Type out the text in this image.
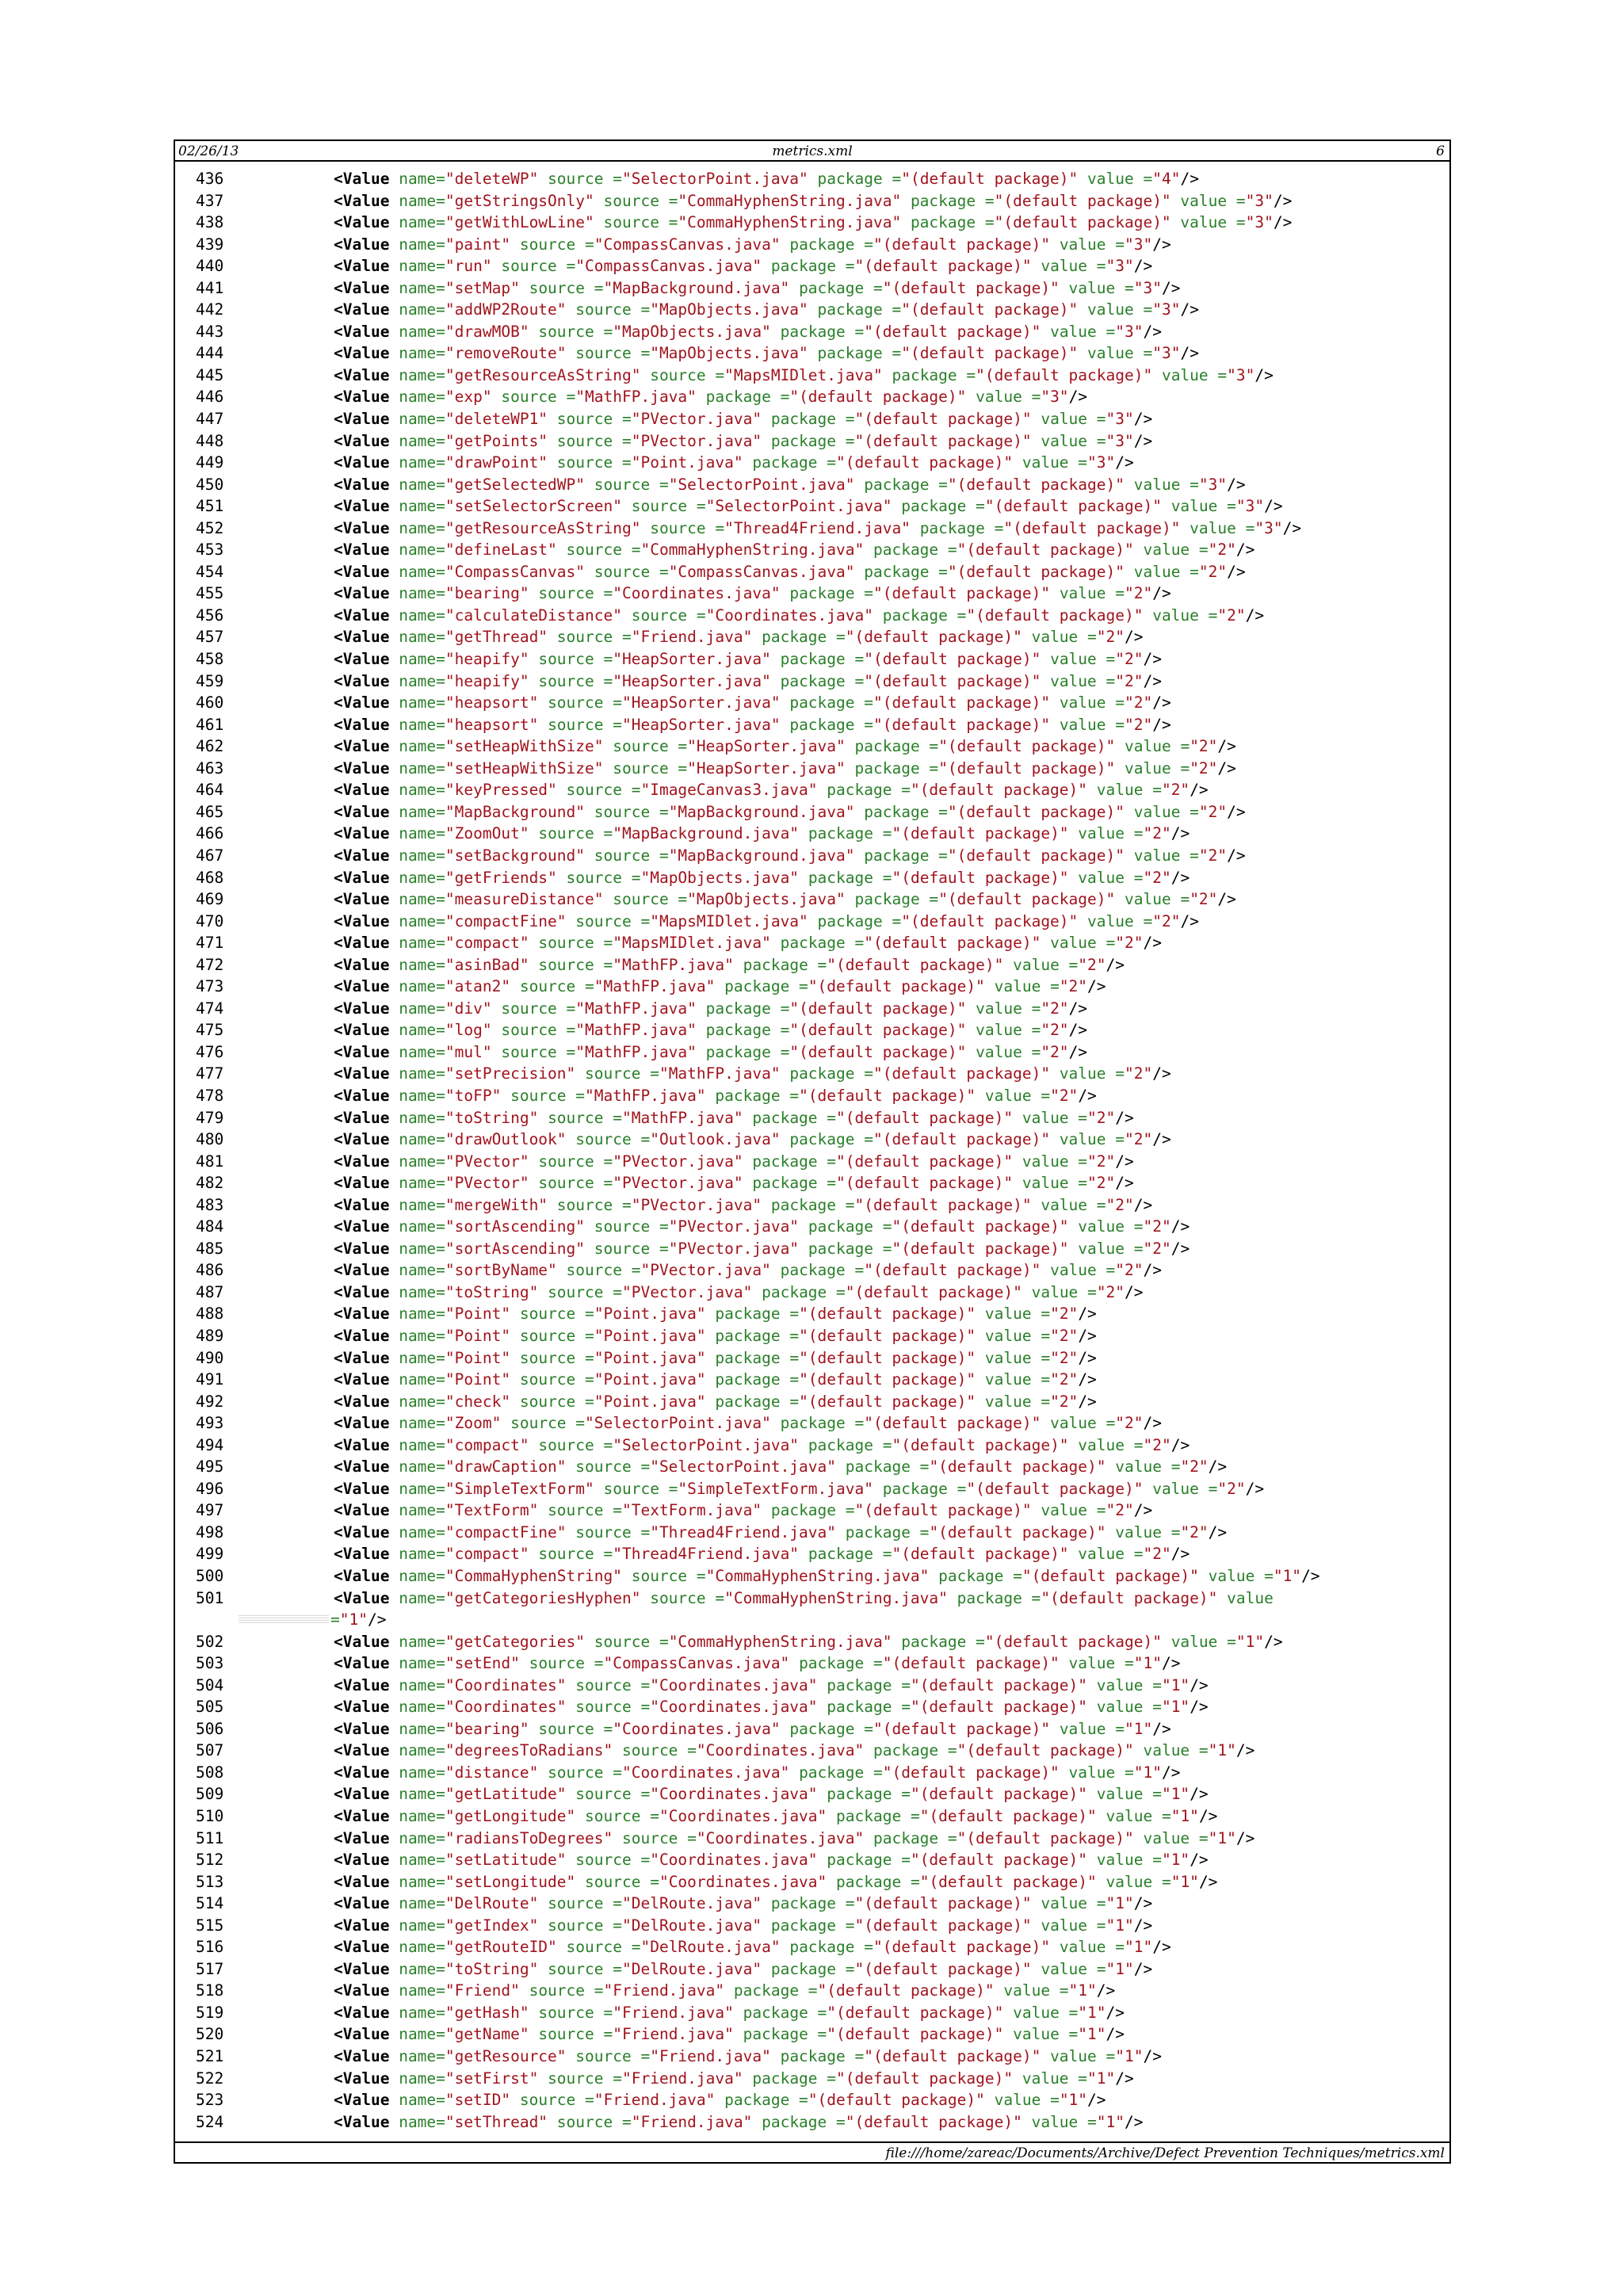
02/26/13	metrics.xml	6
436	<Value name="deleteWP" source ="SelectorPoint.java" package ="(default package)" value ="4"/>
437	<Value name="getStringsOnly" source ="CommaHyphenString.java" package ="(default package)" value ="3"/>
438	<Value name="getWithLowLine" source ="CommaHyphenString.java" package ="(default package)" value ="3"/>
439	<Value name="paint" source ="CompassCanvas.java" package ="(default package)" value ="3"/>
440	<Value name="run" source ="CompassCanvas.java" package ="(default package)" value ="3"/>
441	<Value name="setMap" source ="MapBackground.java" package ="(default package)" value ="3"/>
442	<Value name="addWP2Route" source ="MapObjects.java" package ="(default package)" value ="3"/>
443	<Value name="drawMOB" source ="MapObjects.java" package ="(default package)" value ="3"/>
444	<Value name="removeRoute" source ="MapObjects.java" package ="(default package)" value ="3"/>
445	<Value name="getResourceAsString" source ="MapsMIDlet.java" package ="(default package)" value ="3"/>
446	<Value name="exp" source ="MathFP.java" package ="(default package)" value ="3"/>
447	<Value name="deleteWP1" source ="PVector.java" package ="(default package)" value ="3"/>
448	<Value name="getPoints" source ="PVector.java" package ="(default package)" value ="3"/>
449	<Value name="drawPoint" source ="Point.java" package ="(default package)" value ="3"/>
450	<Value name="getSelectedWP" source ="SelectorPoint.java" package ="(default package)" value ="3"/>
451	<Value name="setSelectorScreen" source ="SelectorPoint.java" package ="(default package)" value ="3"/>
452	<Value name="getResourceAsString" source ="Thread4Friend.java" package ="(default package)" value ="3"/>
453	<Value name="defineLast" source ="CommaHyphenString.java" package ="(default package)" value ="2"/>
454	<Value name="CompassCanvas" source ="CompassCanvas.java" package ="(default package)" value ="2"/>
455	<Value name="bearing" source ="Coordinates.java" package ="(default package)" value ="2"/>
456	<Value name="calculateDistance" source ="Coordinates.java" package ="(default package)" value ="2"/>
457	<Value name="getThread" source ="Friend.java" package ="(default package)" value ="2"/>
458	<Value name="heapify" source ="HeapSorter.java" package ="(default package)" value ="2"/>
459	<Value name="heapify" source ="HeapSorter.java" package ="(default package)" value ="2"/>
460	<Value name="heapsort" source ="HeapSorter.java" package ="(default package)" value ="2"/>
461	<Value name="heapsort" source ="HeapSorter.java" package ="(default package)" value ="2"/>
462	<Value name="setHeapWithSize" source ="HeapSorter.java" package ="(default package)" value ="2"/>
463	<Value name="setHeapWithSize" source ="HeapSorter.java" package ="(default package)" value ="2"/>
464	<Value name="keyPressed" source ="ImageCanvas3.java" package ="(default package)" value ="2"/>
465	<Value name="MapBackground" source ="MapBackground.java" package ="(default package)" value ="2"/>
466	<Value name="ZoomOut" source ="MapBackground.java" package ="(default package)" value ="2"/>
467	<Value name="setBackground" source ="MapBackground.java" package ="(default package)" value ="2"/>
468	<Value name="getFriends" source ="MapObjects.java" package ="(default package)" value ="2"/>
469	<Value name="measureDistance" source ="MapObjects.java" package ="(default package)" value ="2"/>
470	<Value name="compactFine" source ="MapsMIDlet.java" package ="(default package)" value ="2"/>
471	<Value name="compact" source ="MapsMIDlet.java" package ="(default package)" value ="2"/>
472	<Value name="asinBad" source ="MathFP.java" package ="(default package)" value ="2"/>
473	<Value name="atan2" source ="MathFP.java" package ="(default package)" value ="2"/>
474	<Value name="div" source ="MathFP.java" package ="(default package)" value ="2"/>
475	<Value name="log" source ="MathFP.java" package ="(default package)" value ="2"/>
476	<Value name="mul" source ="MathFP.java" package ="(default package)" value ="2"/>
477	<Value name="setPrecision" source ="MathFP.java" package ="(default package)" value ="2"/>
478	<Value name="toFP" source ="MathFP.java" package ="(default package)" value ="2"/>
479	<Value name="toString" source ="MathFP.java" package ="(default package)" value ="2"/>
480	<Value name="drawOutlook" source ="Outlook.java" package ="(default package)" value ="2"/>
481	<Value name="PVector" source ="PVector.java" package ="(default package)" value ="2"/>
482	<Value name="PVector" source ="PVector.java" package ="(default package)" value ="2"/>
483	<Value name="mergeWith" source ="PVector.java" package ="(default package)" value ="2"/>
484	<Value name="sortAscending" source ="PVector.java" package ="(default package)" value ="2"/>
485	<Value name="sortAscending" source ="PVector.java" package ="(default package)" value ="2"/>
486	<Value name="sortByName" source ="PVector.java" package ="(default package)" value ="2"/>
487	<Value name="toString" source ="PVector.java" package ="(default package)" value ="2"/>
488	<Value name="Point" source ="Point.java" package ="(default package)" value ="2"/>
489	<Value name="Point" source ="Point.java" package ="(default package)" value ="2"/>
490	<Value name="Point" source ="Point.java" package ="(default package)" value ="2"/>
491	<Value name="Point" source ="Point.java" package ="(default package)" value ="2"/>
492	<Value name="check" source ="Point.java" package ="(default package)" value ="2"/>
493	<Value name="Zoom" source ="SelectorPoint.java" package ="(default package)" value ="2"/>
494	<Value name="compact" source ="SelectorPoint.java" package ="(default package)" value ="2"/>
495	<Value name="drawCaption" source ="SelectorPoint.java" package ="(default package)" value ="2"/>
496	<Value name="SimpleTextForm" source ="SimpleTextForm.java" package ="(default package)" value ="2"/>
497	<Value name="TextForm" source ="TextForm.java" package ="(default package)" value ="2"/>
498	<Value name="compactFine" source ="Thread4Friend.java" package ="(default package)" value ="2"/>
499	<Value name="compact" source ="Thread4Friend.java" package ="(default package)" value ="2"/>
500	<Value name="CommaHyphenString" source ="CommaHyphenString.java" package ="(default package)" value ="1"/>
501	<Value name="getCategoriesHyphen" source ="CommaHyphenString.java" package ="(default package)" value
="1"/>
502	<Value name="getCategories" source ="CommaHyphenString.java" package ="(default package)" value ="1"/>
503	<Value name="setEnd" source ="CompassCanvas.java" package ="(default package)" value ="1"/>
504	<Value name="Coordinates" source ="Coordinates.java" package ="(default package)" value ="1"/>
505	<Value name="Coordinates" source ="Coordinates.java" package ="(default package)" value ="1"/>
506	<Value name="bearing" source ="Coordinates.java" package ="(default package)" value ="1"/>
507	<Value name="degreesToRadians" source ="Coordinates.java" package ="(default package)" value ="1"/>
508	<Value name="distance" source ="Coordinates.java" package ="(default package)" value ="1"/>
509	<Value name="getLatitude" source ="Coordinates.java" package ="(default package)" value ="1"/>
510	<Value name="getLongitude" source ="Coordinates.java" package ="(default package)" value ="1"/>
511	<Value name="radiansToDegrees" source ="Coordinates.java" package ="(default package)" value ="1"/>
512	<Value name="setLatitude" source ="Coordinates.java" package ="(default package)" value ="1"/>
513	<Value name="setLongitude" source ="Coordinates.java" package ="(default package)" value ="1"/>
514	<Value name="DelRoute" source ="DelRoute.java" package ="(default package)" value ="1"/>
515	<Value name="getIndex" source ="DelRoute.java" package ="(default package)" value ="1"/>
516	<Value name="getRouteID" source ="DelRoute.java" package ="(default package)" value ="1"/>
517	<Value name="toString" source ="DelRoute.java" package ="(default package)" value ="1"/>
518	<Value name="Friend" source ="Friend.java" package ="(default package)" value ="1"/>
519	<Value name="getHash" source ="Friend.java" package ="(default package)" value ="1"/>
520	<Value name="getName" source ="Friend.java" package ="(default package)" value ="1"/>
521	<Value name="getResource" source ="Friend.java" package ="(default package)" value ="1"/>
522	<Value name="setFirst" source ="Friend.java" package ="(default package)" value ="1"/>
523	<Value name="setID" source ="Friend.java" package ="(default package)" value ="1"/>
524	<Value name="setThread" source ="Friend.java" package ="(default package)" value ="1"/>
file:///home/zareac/Documents/Archive/Defect Prevention Techniques/metrics.xml
